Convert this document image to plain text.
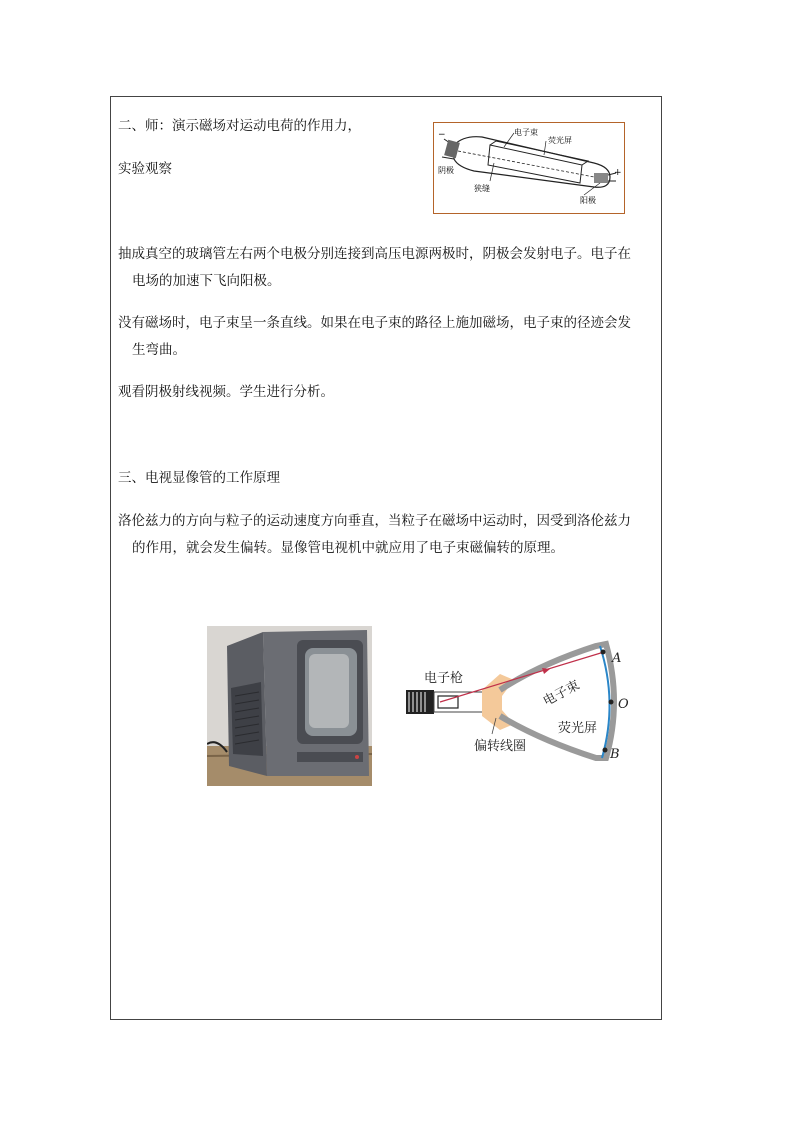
二、师：演示磁场对运动电荷的作用力，
实验观察
电子束
荧光屏
阴极
狭缝
阳极
−
+
抽成真空的玻璃管左右两个电极分别连接到高压电源两极时，阴极会发射电子。电子在
电场的加速下飞向阳极。
没有磁场时，电子束呈一条直线。如果在电子束的路径上施加磁场，电子束的径迹会发
生弯曲。
观看阴极射线视频。学生进行分析。
三、电视显像管的工作原理
洛伦兹力的方向与粒子的运动速度方向垂直，当粒子在磁场中运动时，因受到洛伦兹力
的作用，就会发生偏转。显像管电视机中就应用了电子束磁偏转的原理。
电子枪	电子束
荧光屏
偏转线圈
A
O
B
